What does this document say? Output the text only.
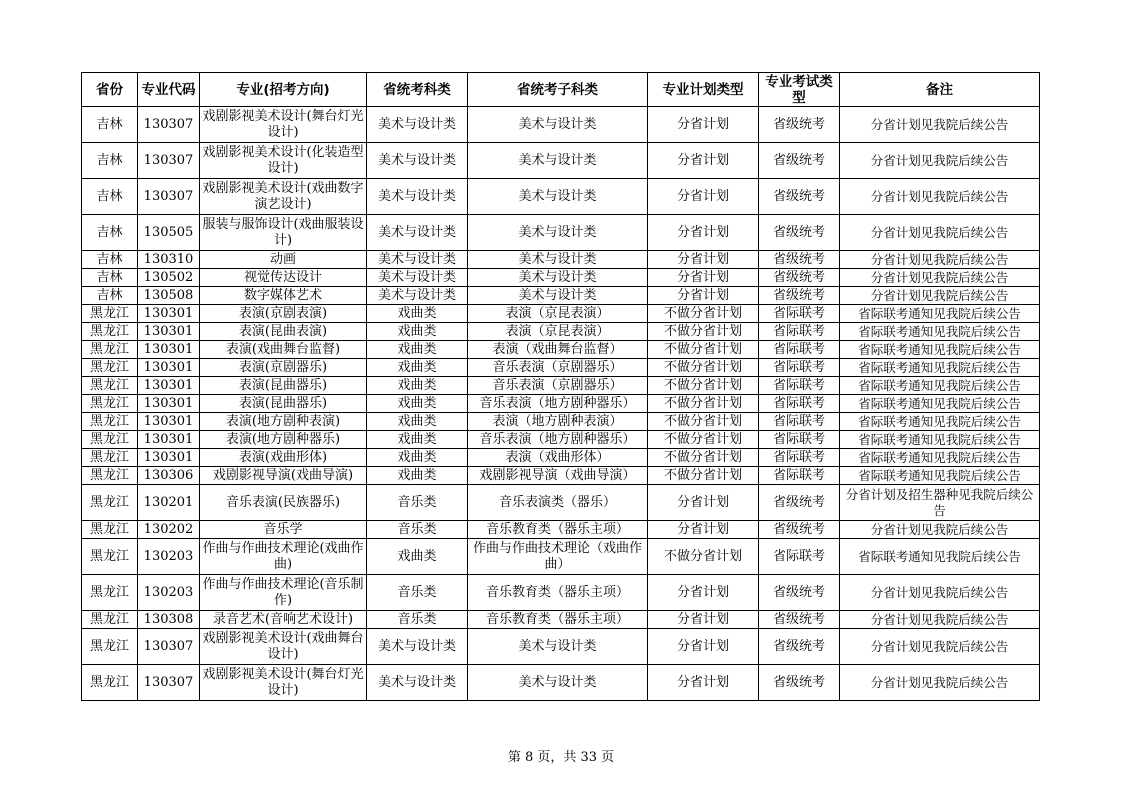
省份	专业代码	专业(招考方向)	省统考科类	省统考子科类	专业计划类型	专业考试类型	备注
吉林	130307	戏剧影视美术设计(舞台灯光设计)	美术与设计类	美术与设计类	分省计划	省级统考	分省计划见我院后续公告
吉林	130307	戏剧影视美术设计(化装造型设计)	美术与设计类	美术与设计类	分省计划	省级统考	分省计划见我院后续公告
吉林	130307	戏剧影视美术设计(戏曲数字演艺设计)	美术与设计类	美术与设计类	分省计划	省级统考	分省计划见我院后续公告
吉林	130505	服装与服饰设计(戏曲服装设计)	美术与设计类	美术与设计类	分省计划	省级统考	分省计划见我院后续公告
吉林	130310	动画	美术与设计类	美术与设计类	分省计划	省级统考	分省计划见我院后续公告
吉林	130502	视觉传达设计	美术与设计类	美术与设计类	分省计划	省级统考	分省计划见我院后续公告
吉林	130508	数字媒体艺术	美术与设计类	美术与设计类	分省计划	省级统考	分省计划见我院后续公告
黑龙江	130301	表演(京剧表演)	戏曲类	表演（京昆表演）	不做分省计划	省际联考	省际联考通知见我院后续公告
黑龙江	130301	表演(昆曲表演)	戏曲类	表演（京昆表演）	不做分省计划	省际联考	省际联考通知见我院后续公告
黑龙江	130301	表演(戏曲舞台监督)	戏曲类	表演（戏曲舞台监督）	不做分省计划	省际联考	省际联考通知见我院后续公告
黑龙江	130301	表演(京剧器乐)	戏曲类	音乐表演（京剧器乐）	不做分省计划	省际联考	省际联考通知见我院后续公告
黑龙江	130301	表演(昆曲器乐)	戏曲类	音乐表演（京剧器乐）	不做分省计划	省际联考	省际联考通知见我院后续公告
黑龙江	130301	表演(昆曲器乐)	戏曲类	音乐表演（地方剧种器乐）	不做分省计划	省际联考	省际联考通知见我院后续公告
黑龙江	130301	表演(地方剧种表演)	戏曲类	表演（地方剧种表演）	不做分省计划	省际联考	省际联考通知见我院后续公告
黑龙江	130301	表演(地方剧种器乐)	戏曲类	音乐表演（地方剧种器乐）	不做分省计划	省际联考	省际联考通知见我院后续公告
黑龙江	130301	表演(戏曲形体)	戏曲类	表演（戏曲形体）	不做分省计划	省际联考	省际联考通知见我院后续公告
黑龙江	130306	戏剧影视导演(戏曲导演)	戏曲类	戏剧影视导演（戏曲导演）	不做分省计划	省际联考	省际联考通知见我院后续公告
黑龙江	130201	音乐表演(民族器乐)	音乐类	音乐表演类（器乐）	分省计划	省级统考	分省计划及招生器种见我院后续公告
黑龙江	130202	音乐学	音乐类	音乐教育类（器乐主项）	分省计划	省级统考	分省计划见我院后续公告
黑龙江	130203	作曲与作曲技术理论(戏曲作曲)	戏曲类	作曲与作曲技术理论（戏曲作曲）	不做分省计划	省际联考	省际联考通知见我院后续公告
黑龙江	130203	作曲与作曲技术理论(音乐制作)	音乐类	音乐教育类（器乐主项）	分省计划	省级统考	分省计划见我院后续公告
黑龙江	130308	录音艺术(音响艺术设计)	音乐类	音乐教育类（器乐主项）	分省计划	省级统考	分省计划见我院后续公告
黑龙江	130307	戏剧影视美术设计(戏曲舞台设计)	美术与设计类	美术与设计类	分省计划	省级统考	分省计划见我院后续公告
黑龙江	130307	戏剧影视美术设计(舞台灯光设计)	美术与设计类	美术与设计类	分省计划	省级统考	分省计划见我院后续公告
第 8 页，共 33 页
